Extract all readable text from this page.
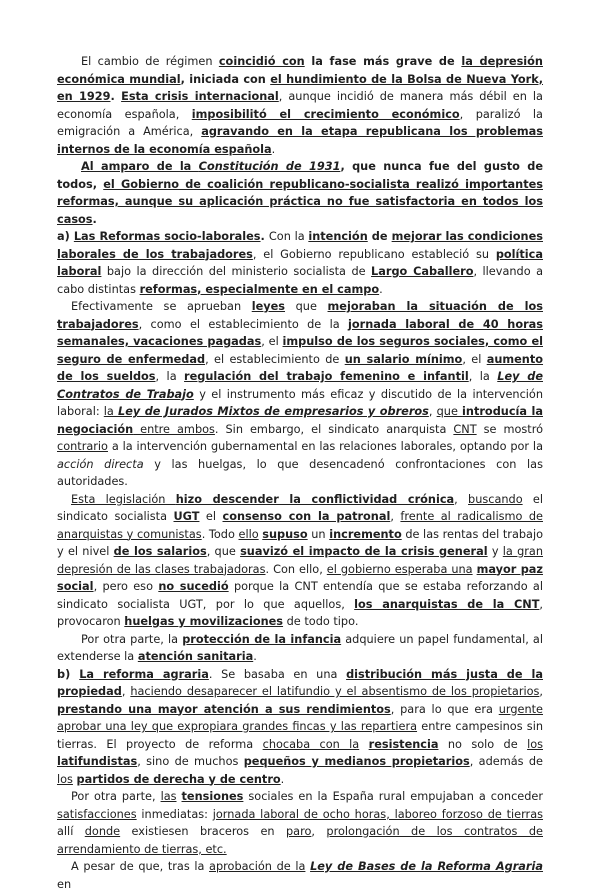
El cambio de régimen coincidió con la fase más grave de la depresión económica mundial, iniciada con el hundimiento de la Bolsa de Nueva York, en 1929. Esta crisis internacional, aunque incidió de manera más débil en la economía española, imposibilitó el crecimiento económico, paralizó la emigración a América, agravando en la etapa republicana los problemas internos de la economía española.

Al amparo de la Constitución de 1931, que nunca fue del gusto de todos, el Gobierno de coalición republicano-socialista realizó importantes reformas, aunque su aplicación práctica no fue satisfactoria en todos los casos.

a) Las Reformas socio-laborales. Con la intención de mejorar las condiciones laborales de los trabajadores, el Gobierno republicano estableció su política laboral bajo la dirección del ministerio socialista de Largo Caballero, llevando a cabo distintas reformas, especialmente en el campo.

Efectivamente se aprueban leyes que mejoraban la situación de los trabajadores, como el establecimiento de la jornada laboral de 40 horas semanales, vacaciones pagadas, el impulso de los seguros sociales, como el seguro de enfermedad, el establecimiento de un salario mínimo, el aumento de los sueldos, la regulación del trabajo femenino e infantil, la Ley de Contratos de Trabajo y el instrumento más eficaz y discutido de la intervención laboral: la Ley de Jurados Mixtos de empresarios y obreros, que introducía la negociación entre ambos. Sin embargo, el sindicato anarquista CNT se mostró contrario a la intervención gubernamental en las relaciones laborales, optando por la acción directa y las huelgas, lo que desencadenó confrontaciones con las autoridades.

Esta legislación hizo descender la conflictividad crónica, buscando el sindicato socialista UGT el consenso con la patronal, frente al radicalismo de anarquistas y comunistas. Todo ello supuso un incremento de las rentas del trabajo y el nivel de los salarios, que suavizó el impacto de la crisis general y la gran depresión de las clases trabajadoras. Con ello, el gobierno esperaba una mayor paz social, pero eso no sucedió porque la CNT entendía que se estaba reforzando al sindicato socialista UGT, por lo que aquellos, los anarquistas de la CNT, provocaron huelgas y movilizaciones de todo tipo.

Por otra parte, la protección de la infancia adquiere un papel fundamental, al extenderse la atención sanitaria.

b) La reforma agraria. Se basaba en una distribución más justa de la propiedad, haciendo desaparecer el latifundio y el absentismo de los propietarios, prestando una mayor atención a sus rendimientos, para lo que era urgente aprobar una ley que expropiara grandes fincas y las repartiera entre campesinos sin tierras. El proyecto de reforma chocaba con la resistencia no solo de los latifundistas, sino de muchos pequeños y medianos propietarios, además de los partidos de derecha y de centro.

Por otra parte, las tensiones sociales en la España rural empujaban a conceder satisfacciones inmediatas: jornada laboral de ocho horas, laboreo forzoso de tierras allí donde existiesen braceros en paro, prolongación de los contratos de arrendamiento de tierras, etc.

A pesar de que, tras la aprobación de la Ley de Bases de la Reforma Agraria en
